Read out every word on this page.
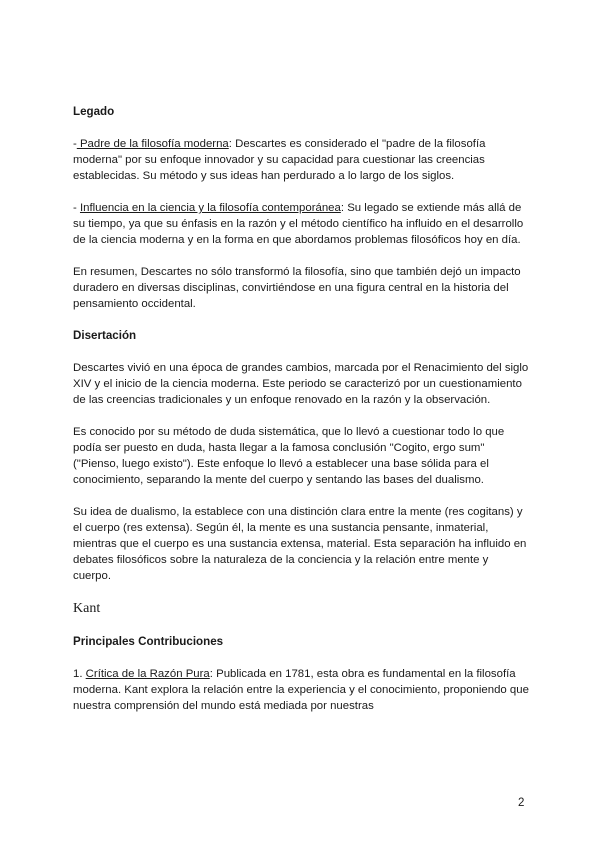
Legado

- Padre de la filosofía moderna: Descartes es considerado el "padre de la filosofía moderna" por su enfoque innovador y su capacidad para cuestionar las creencias establecidas. Su método y sus ideas han perdurado a lo largo de los siglos.

- Influencia en la ciencia y la filosofía contemporánea: Su legado se extiende más allá de su tiempo, ya que su énfasis en la razón y el método científico ha influido en el desarrollo de la ciencia moderna y en la forma en que abordamos problemas filosóficos hoy en día.

En resumen, Descartes no sólo transformó la filosofía, sino que también dejó un impacto duradero en diversas disciplinas, convirtiéndose en una figura central en la historia del pensamiento occidental.

Disertación

Descartes vivió en una época de grandes cambios, marcada por el Renacimiento del siglo XIV y el inicio de la ciencia moderna. Este periodo se caracterizó por un cuestionamiento de las creencias tradicionales y un enfoque renovado en la razón y la observación.

Es conocido por su método de duda sistemática, que lo llevó a cuestionar todo lo que podía ser puesto en duda, hasta llegar a la famosa conclusión "Cogito, ergo sum" ("Pienso, luego existo"). Este enfoque lo llevó a establecer una base sólida para el conocimiento, separando la mente del cuerpo y sentando las bases del dualismo.

Su idea de dualismo, la establece con una distinción clara entre la mente (res cogitans) y el cuerpo (res extensa). Según él, la mente es una sustancia pensante, inmaterial, mientras que el cuerpo es una sustancia extensa, material. Esta separación ha influido en debates filosóficos sobre la naturaleza de la conciencia y la relación entre mente y cuerpo.

Kant
Principales Contribuciones

1. Crítica de la Razón Pura: Publicada en 1781, esta obra es fundamental en la filosofía moderna. Kant explora la relación entre la experiencia y el conocimiento, proponiendo que nuestra comprensión del mundo está mediada por nuestras

2
